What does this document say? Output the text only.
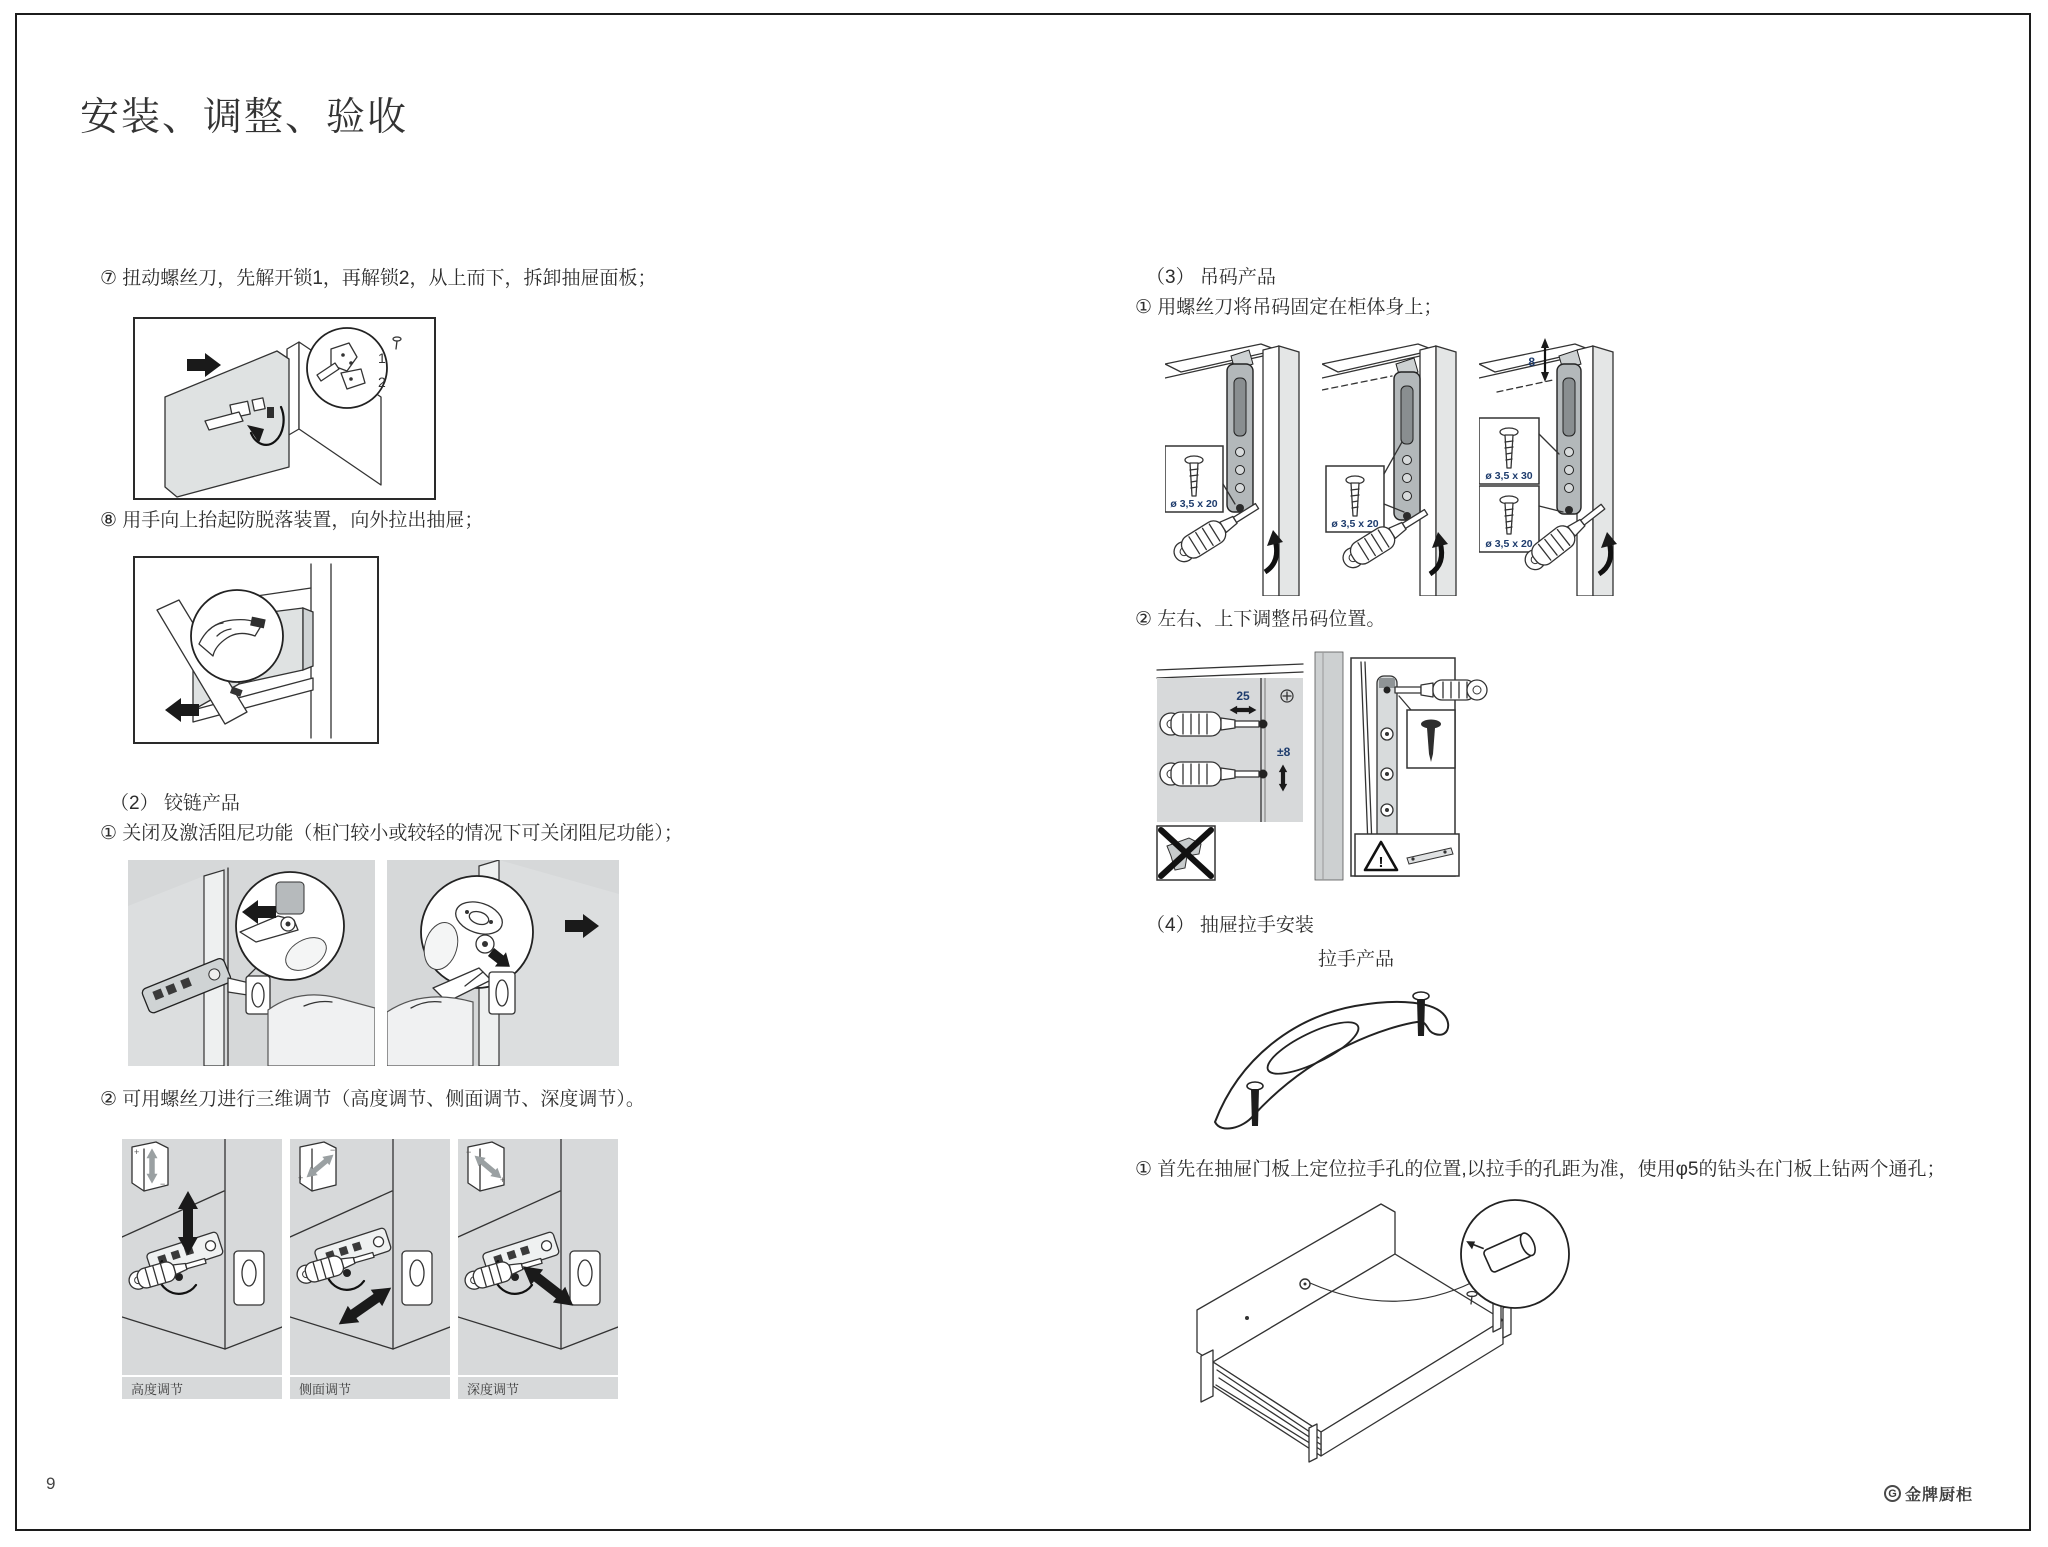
安装、调整、验收
⑦ 扭动螺丝刀，先解开锁1，再解锁2，从上而下，拆卸抽屉面板；
1
2
⑧ 用手向上抬起防脱落装置，向外拉出抽屉；
（2） 铰链产品
① 关闭及激活阻尼功能（柜门较小或较轻的情况下可关闭阻尼功能）；
② 可用螺丝刀进行三维调节（高度调节、侧面调节、深度调节）。
+
−
高度调节
+
−
侧面调节
−
+
深度调节
（3） 吊码产品
① 用螺丝刀将吊码固定在柜体身上；
ø 3,5 x 20
ø 3,5 x 20
8
ø 3,5 x 30
ø 3,5 x 20
② 左右、上下调整吊码位置。
25
±8
!
（4） 抽屉拉手安装
拉手产品
① 首先在抽屉门板上定位拉手孔的位置,以拉手的孔距为准，使用φ5的钻头在门板上钻两个通孔；
9
G 金牌厨柜
